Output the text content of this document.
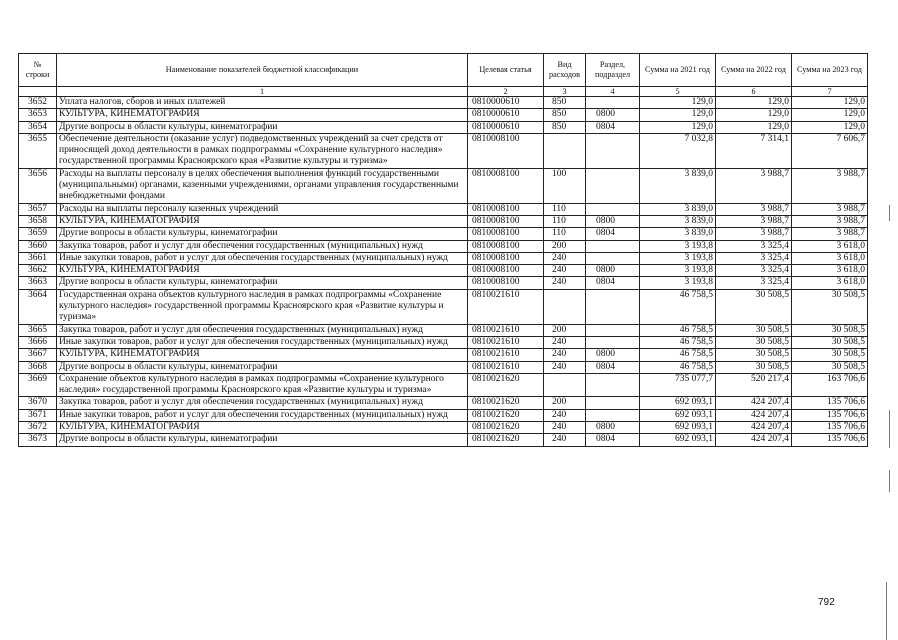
№ строки	Наименование показателей бюджетной классификации	Целевая статья	Вид расходов	Раздел, подраздел	Сумма на 2021 год	Сумма на 2022 год	Сумма на 2023 год
	1	2	3	4	5	6	7
3652	Уплата налогов, сборов и иных платежей	0810000610	850		129,0	129,0	129,0
3653	КУЛЬТУРА, КИНЕМАТОГРАФИЯ	0810000610	850	0800	129,0	129,0	129,0
3654	Другие вопросы в области культуры, кинематографии	0810000610	850	0804	129,0	129,0	129,0
3655	Обеспечение деятельности (оказание услуг) подведомственных учреждений за счет средств от приносящей доход деятельности в рамках подпрограммы «Сохранение культурного наследия» государственной программы Красноярского края «Развитие культуры и туризма»	0810008100			7 032,8	7 314,1	7 606,7
3656	Расходы на выплаты персоналу в целях обеспечения выполнения функций государственными (муниципальными) органами, казенными учреждениями, органами управления государственными внебюджетными фондами	0810008100	100		3 839,0	3 988,7	3 988,7
3657	Расходы на выплаты персоналу казенных учреждений	0810008100	110		3 839,0	3 988,7	3 988,7
3658	КУЛЬТУРА, КИНЕМАТОГРАФИЯ	0810008100	110	0800	3 839,0	3 988,7	3 988,7
3659	Другие вопросы в области культуры, кинематографии	0810008100	110	0804	3 839,0	3 988,7	3 988,7
3660	Закупка товаров, работ и услуг для обеспечения государственных (муниципальных) нужд	0810008100	200		3 193,8	3 325,4	3 618,0
3661	Иные закупки товаров, работ и услуг для обеспечения государственных (муниципальных) нужд	0810008100	240		3 193,8	3 325,4	3 618,0
3662	КУЛЬТУРА, КИНЕМАТОГРАФИЯ	0810008100	240	0800	3 193,8	3 325,4	3 618,0
3663	Другие вопросы в области культуры, кинематографии	0810008100	240	0804	3 193,8	3 325,4	3 618,0
3664	Государственная охрана объектов культурного наследия в рамках подпрограммы «Сохранение культурного наследия» государственной программы Красноярского края «Развитие культуры и туризма»	0810021610			46 758,5	30 508,5	30 508,5
3665	Закупка товаров, работ и услуг для обеспечения государственных (муниципальных) нужд	0810021610	200		46 758,5	30 508,5	30 508,5
3666	Иные закупки товаров, работ и услуг для обеспечения государственных (муниципальных) нужд	0810021610	240		46 758,5	30 508,5	30 508,5
3667	КУЛЬТУРА, КИНЕМАТОГРАФИЯ	0810021610	240	0800	46 758,5	30 508,5	30 508,5
3668	Другие вопросы в области культуры, кинематографии	0810021610	240	0804	46 758,5	30 508,5	30 508,5
3669	Сохранение объектов культурного наследия в рамках подпрограммы «Сохранение культурного наследия» государственной программы Красноярского края «Развитие культуры и туризма»	0810021620			735 077,7	520 217,4	163 706,6
3670	Закупка товаров, работ и услуг для обеспечения государственных (муниципальных) нужд	0810021620	200		692 093,1	424 207,4	135 706,6
3671	Иные закупки товаров, работ и услуг для обеспечения государственных (муниципальных) нужд	0810021620	240		692 093,1	424 207,4	135 706,6
3672	КУЛЬТУРА, КИНЕМАТОГРАФИЯ	0810021620	240	0800	692 093,1	424 207,4	135 706,6
3673	Другие вопросы в области культуры, кинематографии	0810021620	240	0804	692 093,1	424 207,4	135 706,6
792
